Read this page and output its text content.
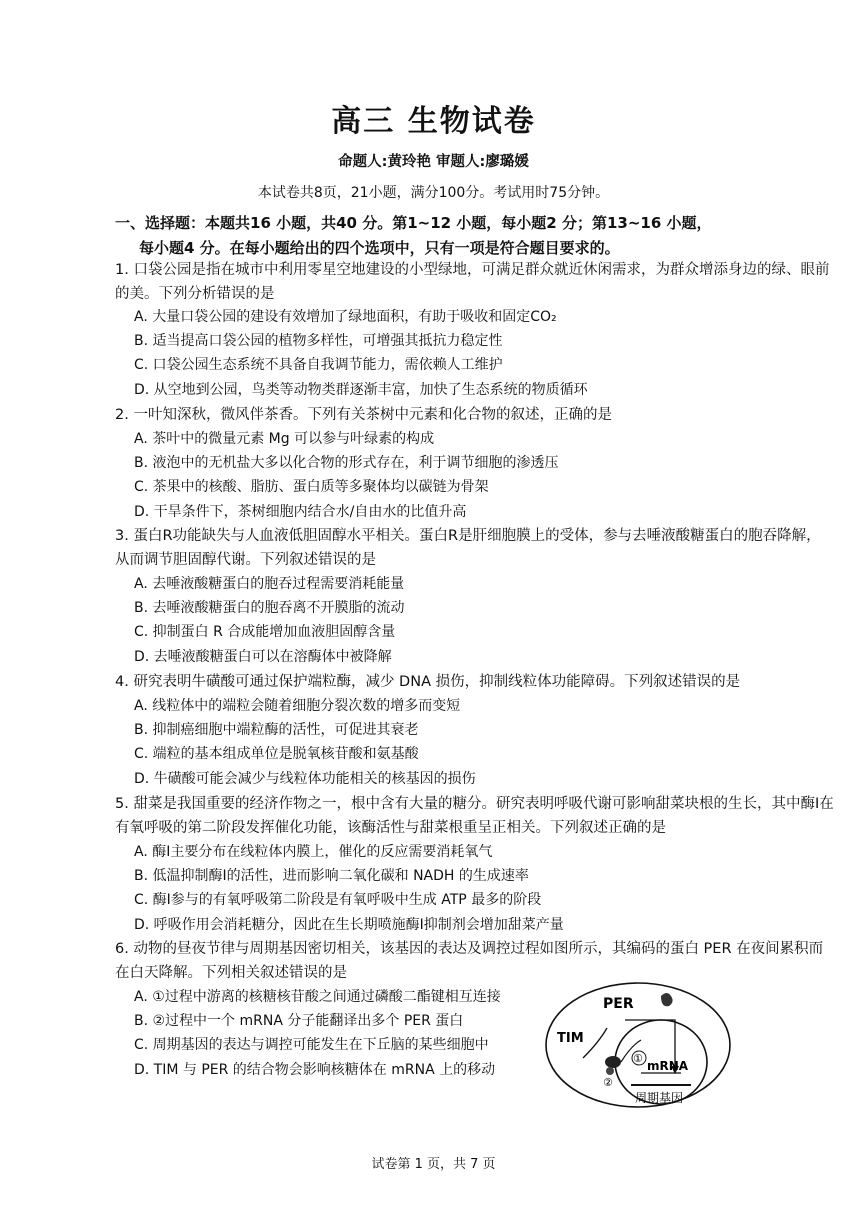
高三 生物试卷
命题人:黄玲艳 审题人:廖璐媛
本试卷共8页，21小题，满分100分。考试用时75分钟。
一、选择题：本题共16 小题，共40 分。第1~12 小题，每小题2 分；第13~16 小题，
每小题4 分。在每小题给出的四个选项中，只有一项是符合题目要求的。

1. 口袋公园是指在城市中利用零星空地建设的小型绿地，可满足群众就近休闲需求，为群众增添身边的绿、眼前的美。下列分析错误的是

A. 大量口袋公园的建设有效增加了绿地面积，有助于吸收和固定CO₂
B. 适当提高口袋公园的植物多样性，可增强其抵抗力稳定性
C. 口袋公园生态系统不具备自我调节能力，需依赖人工维护
D. 从空地到公园，鸟类等动物类群逐渐丰富，加快了生态系统的物质循环

2. 一叶知深秋，微风伴茶香。下列有关茶树中元素和化合物的叙述，正确的是

A. 茶叶中的微量元素 Mg 可以参与叶绿素的构成
B. 液泡中的无机盐大多以化合物的形式存在，利于调节细胞的渗透压
C. 茶果中的核酸、脂肪、蛋白质等多聚体均以碳链为骨架
D. 干旱条件下，茶树细胞内结合水/自由水的比值升高

3. 蛋白R功能缺失与人血液低胆固醇水平相关。蛋白R是肝细胞膜上的受体，参与去唾液酸糖蛋白的胞吞降解，从而调节胆固醇代谢。下列叙述错误的是

A. 去唾液酸糖蛋白的胞吞过程需要消耗能量
B. 去唾液酸糖蛋白的胞吞离不开膜脂的流动
C. 抑制蛋白 R 合成能增加血液胆固醇含量
D. 去唾液酸糖蛋白可以在溶酶体中被降解

4. 研究表明牛磺酸可通过保护端粒酶，减少 DNA 损伤，抑制线粒体功能障碍。下列叙述错误的是

A. 线粒体中的端粒会随着细胞分裂次数的增多而变短
B. 抑制癌细胞中端粒酶的活性，可促进其衰老
C. 端粒的基本组成单位是脱氧核苷酸和氨基酸
D. 牛磺酸可能会减少与线粒体功能相关的核基因的损伤

5. 甜菜是我国重要的经济作物之一，根中含有大量的糖分。研究表明呼吸代谢可影响甜菜块根的生长，其中酶Ⅰ在有氧呼吸的第二阶段发挥催化功能，该酶活性与甜菜根重呈正相关。下列叙述正确的是

A. 酶Ⅰ主要分布在线粒体内膜上，催化的反应需要消耗氧气
B. 低温抑制酶Ⅰ的活性，进而影响二氧化碳和 NADH 的生成速率
C. 酶Ⅰ参与的有氧呼吸第二阶段是有氧呼吸中生成 ATP 最多的阶段
D. 呼吸作用会消耗糖分，因此在生长期喷施酶Ⅰ抑制剂会增加甜菜产量

6. 动物的昼夜节律与周期基因密切相关，该基因的表达及调控过程如图所示，其编码的蛋白 PER 在夜间累积而在白天降解。下列相关叙述错误的是

A. ①过程中游离的核糖核苷酸之间通过磷酸二酯键相互连接
B. ②过程中一个 mRNA 分子能翻译出多个 PER 蛋白
C. 周期基因的表达与调控可能发生在下丘脑的某些细胞中
D. TIM 与 PER 的结合物会影响核糖体在 mRNA 上的移动
①
②
PER
TIM
mRNA
周期基因
试卷第 1 页，共 7 页
